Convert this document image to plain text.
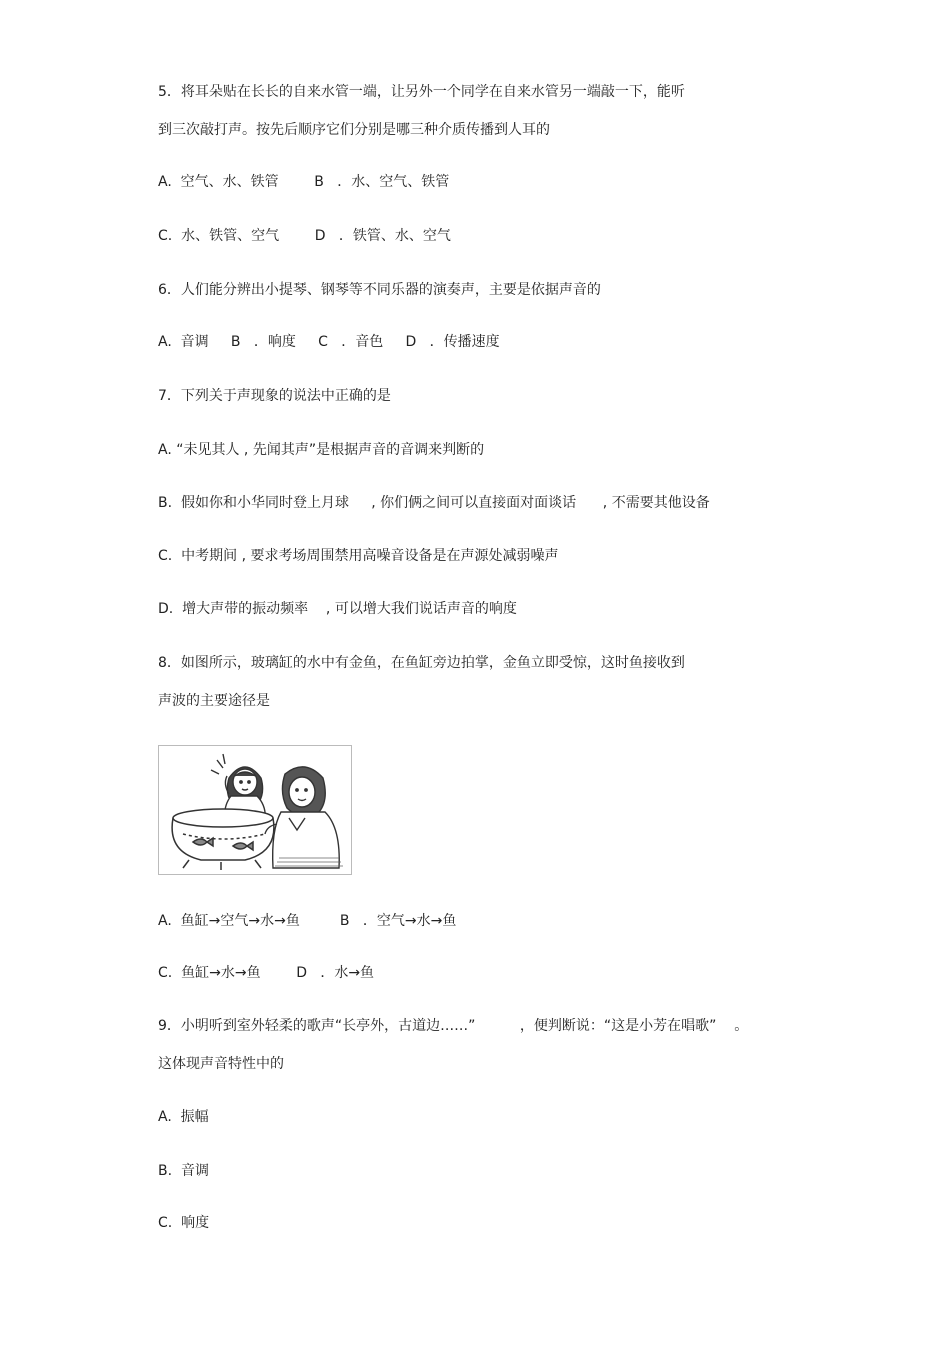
5．将耳朵贴在长长的自来水管一端，让另外一个同学在自来水管另一端敲一下，能听
到三次敲打声。按先后顺序它们分别是哪三种介质传播到人耳的
A.  空气、水、铁管        B   ．水、空气、铁管
C.  水、铁管、空气        D   ．铁管、水、空气
6．人们能分辨出小提琴、钢琴等不同乐器的演奏声，主要是依据声音的
A.  音调     B   ．响度     C   ．音色     D   ．传播速度
7．下列关于声现象的说法中正确的是
A. “未见其人 , 先闻其声”是根据声音的音调来判断的
B.  假如你和小华同时登上月球     , 你们俩之间可以直接面对面谈话      , 不需要其他设备
C.  中考期间 , 要求考场周围禁用高噪音设备是在声源处减弱噪声
D.  增大声带的振动频率    , 可以增大我们说话声音的响度
8．如图所示，玻璃缸的水中有金鱼，在鱼缸旁边拍掌，金鱼立即受惊，这时鱼接收到
声波的主要途径是
A.  鱼缸→空气→水→鱼         B   ．空气→水→鱼
C.  鱼缸→水→鱼        D   ．水→鱼
9．小明听到室外轻柔的歌声“长亭外，古道边……”          ，便判断说：“这是小芳在唱歌”    。
这体现声音特性中的
A.  振幅
B.  音调
C.  响度
